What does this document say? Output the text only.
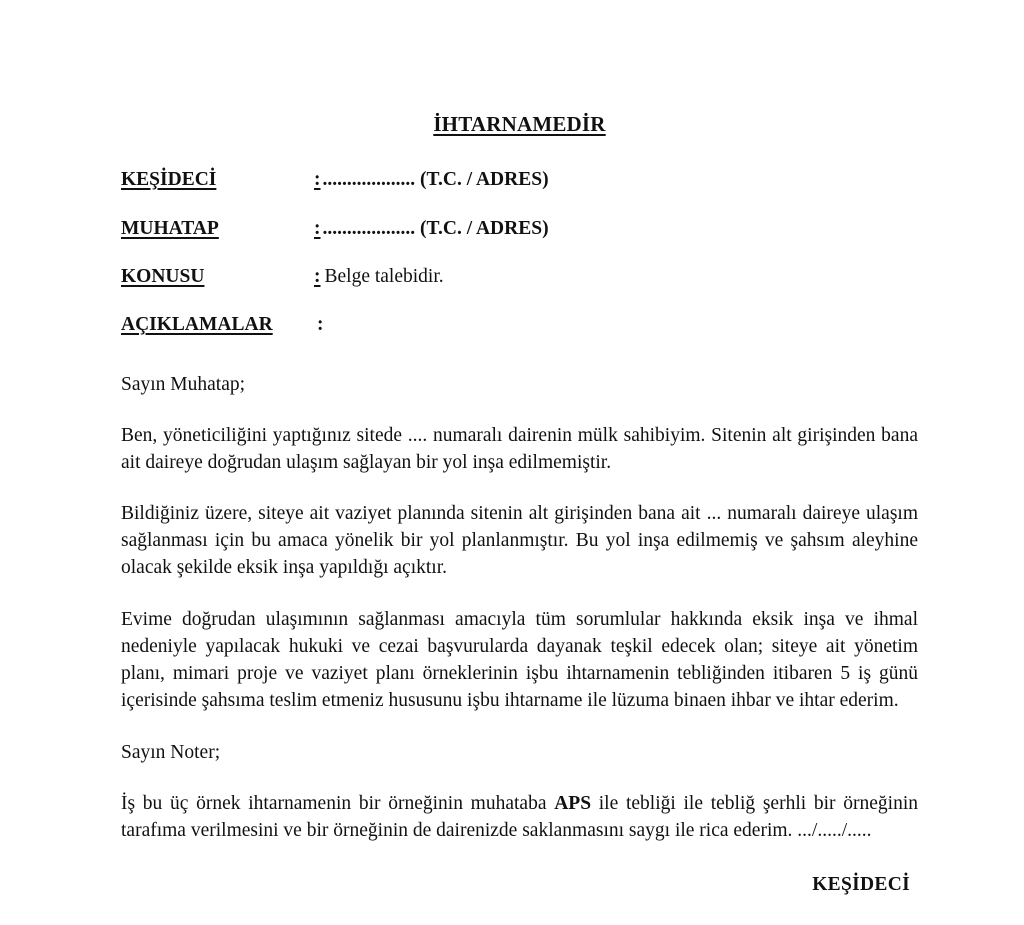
İHTARNAMEDİR
KEŞİDECİ	: ................... (T.C. / ADRES)
MUHATAP	: ................... (T.C. / ADRES)
KONUSU	: Belge talebidir.
AÇIKLAMALAR :

Sayın Muhatap;

Ben, yöneticiliğini yaptığınız sitede .... numaralı dairenin mülk sahibiyim. Sitenin alt girişinden bana ait daireye doğrudan ulaşım sağlayan bir yol inşa edilmemiştir.

Bildiğiniz üzere, siteye ait vaziyet planında sitenin alt girişinden bana ait ... numaralı daireye ulaşım sağlanması için bu amaca yönelik bir yol planlanmıştır. Bu yol inşa edilmemiş ve şahsım aleyhine olacak şekilde eksik inşa yapıldığı açıktır.

Evime doğrudan ulaşımının sağlanması amacıyla tüm sorumlular hakkında eksik inşa ve ihmal nedeniyle yapılacak hukuki ve cezai başvurularda dayanak teşkil edecek olan; siteye ait yönetim planı, mimari proje ve vaziyet planı örneklerinin işbu ihtarnamenin tebliğinden itibaren 5 iş günü içerisinde şahsıma teslim etmeniz hususunu işbu ihtarname ile lüzuma binaen ihbar ve ihtar ederim.

Sayın Noter;

İş bu üç örnek ihtarnamenin bir örneğinin muhataba APS ile tebliği ile tebliğ şerhli bir örneğinin tarafıma verilmesini ve bir örneğinin de dairenizde saklanmasını saygı ile rica ederim. .../...../.....

KEŞİDECİ
